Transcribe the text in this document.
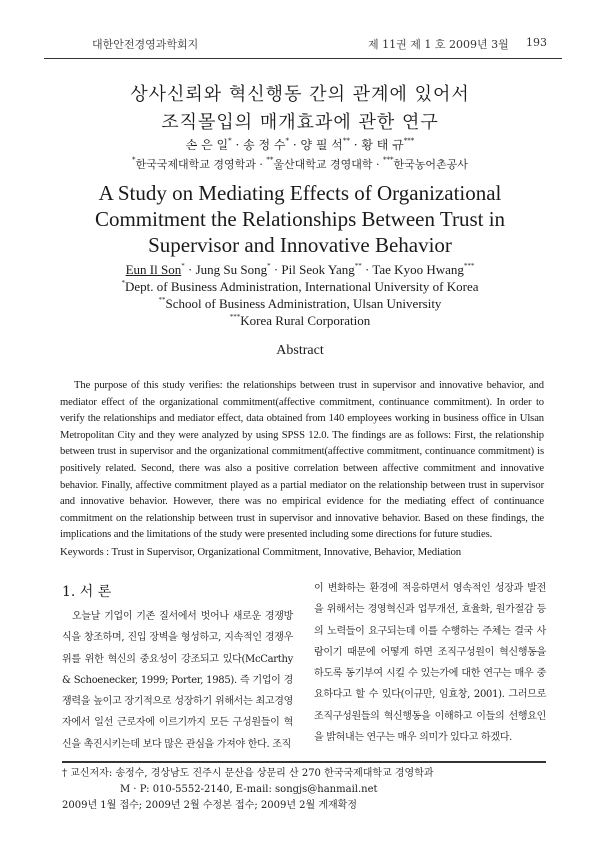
대한안전경영과학회지	제 11권 제 1 호 2009년 3월 193
상사신뢰와 혁신행동 간의 관계에 있어서
조직몰입의 매개효과에 관한 연구
손 은 일* · 송 정 수* · 양 필 석** · 황 태 규***
*한국국제대학교 경영학과 · **울산대학교 경영대학 · ***한국농어촌공사
A Study on Mediating Effects of Organizational
Commitment the Relationships Between Trust in
Supervisor and Innovative Behavior
Eun Il Son* · Jung Su Song* · Pil Seok Yang** · Tae Kyoo Hwang***
*Dept. of Business Administration, International University of Korea
**School of Business Administration, Ulsan University
***Korea Rural Corporation
Abstract

The purpose of this study verifies: the relationships between trust in supervisor and innovative behavior, and mediator effect of the organizational commitment(affective commitment, continuance commitment). In order to verify the relationships and mediator effect, data obtained from 140 employees working in business office in Ulsan Metropolitan City and they were analyzed by using SPSS 12.0. The findings are as follows: First, the relationship between trust in supervisor and the organizational commitment(affective commitment, continuance commitment) is positively related. Second, there was also a positive correlation between affective commitment and innovative behavior. Finally, affective commitment played as a partial mediator on the relationship between trust in supervisor and innovative behavior. However, there was no empirical evidence for the mediating effect of continuance commitment on the relationship between trust in supervisor and innovative behavior. Based on these findings, the implications and the limitations of the study were presented including some directions for future studies.

Keywords : Trust in Supervisor, Organizational Commitment, Innovative, Behavior, Mediation

1. 서 론

오늘날 기업이 기존 질서에서 벗어나 새로운 경쟁방식을 창조하며, 진입 장벽을 형성하고, 지속적인 경쟁우위를 위한 혁신의 중요성이 강조되고 있다(McCarthy & Schoenecker, 1999; Porter, 1985). 즉 기업이 경쟁력을 높이고 장기적으로 성장하기 위해서는 최고경영자에서 일선 근로자에 이르기까지 모든 구성원들이 혁신을 촉진시키는데 보다 많은 관심을 가져야 한다. 조직

이 변화하는 환경에 적응하면서 영속적인 성장과 발전을 위해서는 경영혁신과 업무개선, 효율화, 원가절감 등의 노력들이 요구되는데 이를 수행하는 주체는 결국 사람이기 때문에 어떻게 하면 조직구성원이 혁신행동을 하도록 동기부여 시킬 수 있는가에 대한 연구는 매우 중요하다고 할 수 있다(이규만, 임효창, 2001). 그러므로 조직구성원들의 혁신행동을 이해하고 이들의 선행요인을 밝혀내는 연구는 매우 의미가 있다고 하겠다.

† 교신저자: 송정수, 경상남도 진주시 문산읍 상문리 산 270 한국국제대학교 경영학과
M · P: 010-5552-2140, E-mail: songjs@hanmail.net
2009년 1월 접수; 2009년 2월 수정본 접수; 2009년 2월 게재확정
